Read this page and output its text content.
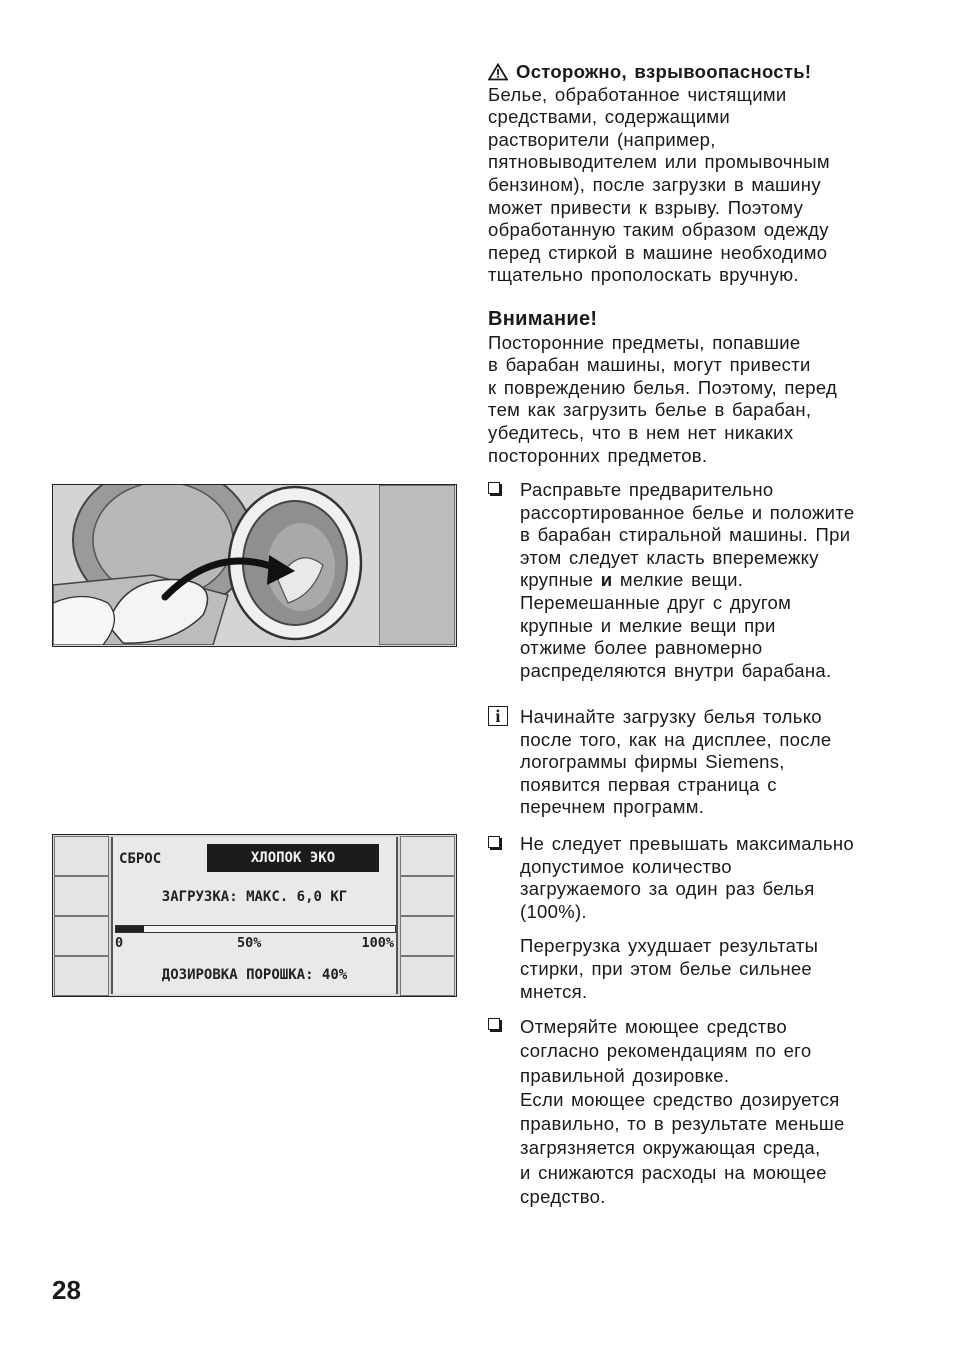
Осторожно, взрывоопасность!

Белье, обработанное чистящими
средствами, содержащими
растворители (например,
пятновыводителем или промывочным
бензином), после загрузки в машину
может привести к взрыву. Поэтому
обработанную таким образом одежду
перед стиркой в машине необходимо
тщательно прополоскать вручную.

Внимание!

Посторонние предметы, попавшие
в барабан машины, могут привести
к повреждению белья. Поэтому, перед
тем как загрузить белье в барабан,
убедитесь, что в нем нет никаких
посторонних предметов.

Расправьте предварительно
рассортированное белье и положите
в барабан стиральной машины. При
этом следует класть вперемежку

крупные и мелкие вещи.

Перемешанные друг с другом
крупные и мелкие вещи при
отжиме более равномерно
распределяются внутри барабана.

i	Начинайте загрузку белья только
после того, как на дисплее, после
логограммы фирмы Siemens,
появится первая страница с
перечнем программ.

СБРОС	ХЛОПОК ЭКО
ЗАГРУЗКА: МАКС. 6,0 КГ
0	50%	100%
ДОЗИРОВКА ПОРОШКА: 40%

Не следует превышать максимально
допустимое количество
загружаемого за один раз белья
(100%).

Перегрузка ухудшает результаты
стирки, при этом белье сильнее
мнется.

Отмеряйте моющее средство
согласно рекомендациям по его
правильной дозировке.
Если моющее средство дозируется
правильно, то в результате меньше
загрязняется окружающая среда,
и снижаются расходы на моющее
средство.

28
